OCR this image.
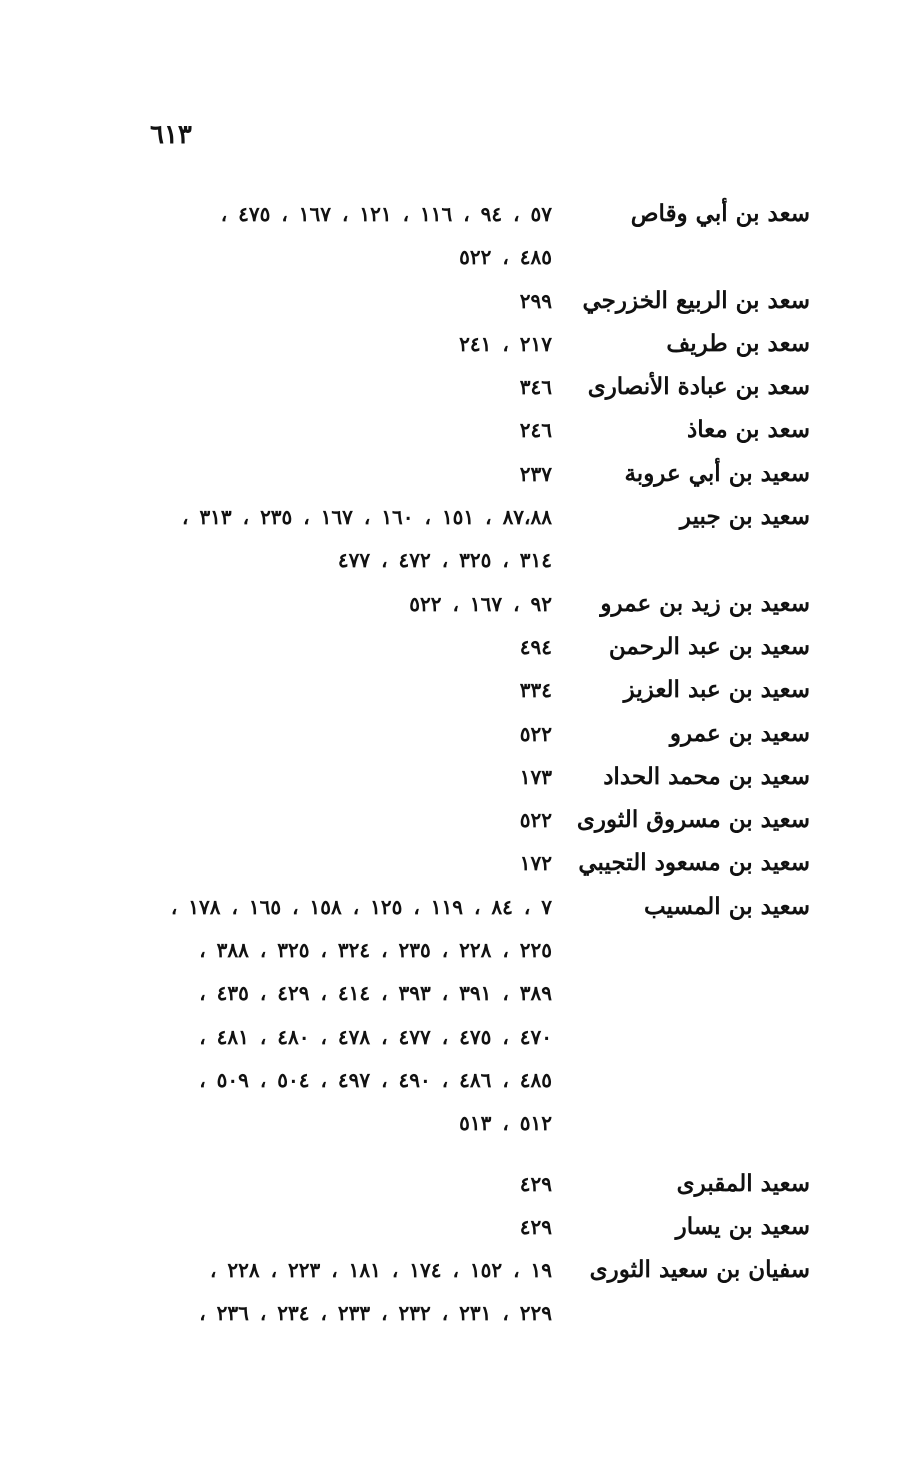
٦١٣
سعد بن أبي وقاص
٥٧ ، ٩٤ ، ١١٦ ، ١٢١ ، ١٦٧ ، ٤٧٥ ،
٤٨٥ ، ٥٢٢
سعد بن الربيع الخزرجي
٢٩٩
سعد بن طريف
٢١٧ ، ٢٤١
سعد بن عبادة الأنصارى
٣٤٦
سعد بن معاذ
٢٤٦
سعيد بن أبي عروبة
٢٣٧
سعيد بن جبير
٨٧،٨٨ ، ١٥١ ، ١٦٠ ، ١٦٧ ، ٢٣٥ ، ٣١٣ ،
٣١٤ ، ٣٢٥ ، ٤٧٢ ، ٤٧٧
سعيد بن زيد بن عمرو
٩٢ ، ١٦٧ ، ٥٢٢
سعيد بن عبد الرحمن
٤٩٤
سعيد بن عبد العزيز
٣٣٤
سعيد بن عمرو
٥٢٢
سعيد بن محمد الحداد
١٧٣
سعيد بن مسروق الثورى
٥٢٢
سعيد بن مسعود التجيبي
١٧٢
سعيد بن المسيب
٧ ، ٨٤ ، ١١٩ ، ١٢٥ ، ١٥٨ ، ١٦٥ ، ١٧٨ ،
٢٢٥ ، ٢٢٨ ، ٢٣٥ ، ٣٢٤ ، ٣٢٥ ، ٣٨٨ ،
٣٨٩ ، ٣٩١ ، ٣٩٣ ، ٤١٤ ، ٤٢٩ ، ٤٣٥ ،
٤٧٠ ، ٤٧٥ ، ٤٧٧ ، ٤٧٨ ، ٤٨٠ ، ٤٨١ ،
٤٨٥ ، ٤٨٦ ، ٤٩٠ ، ٤٩٧ ، ٥٠٤ ، ٥٠٩ ،
٥١٢ ، ٥١٣
سعيد المقبرى
٤٢٩
سعيد بن يسار
٤٢٩
سفيان بن سعيد الثورى
١٩ ، ١٥٢ ، ١٧٤ ، ١٨١ ، ٢٢٣ ، ٢٢٨ ،
٢٢٩ ، ٢٣١ ، ٢٣٢ ، ٢٣٣ ، ٢٣٤ ، ٢٣٦ ،
